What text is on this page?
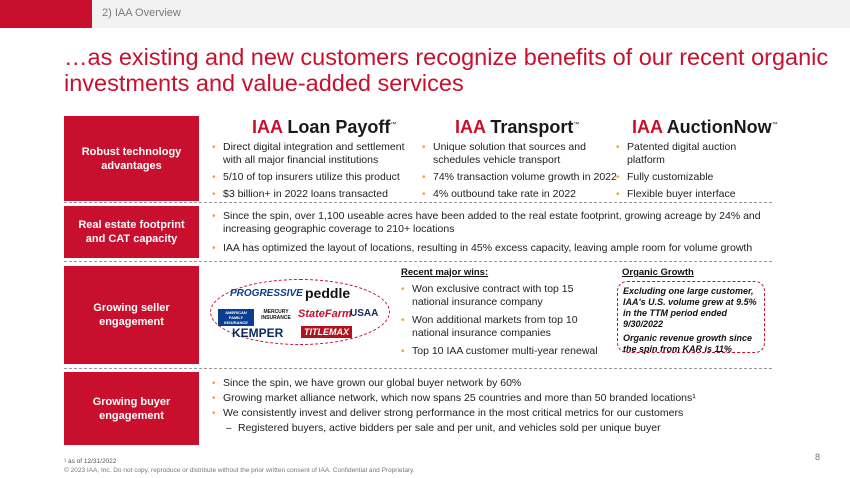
2) IAA Overview
…as existing and new customers recognize benefits of our recent organic investments and value-added services
Robust technology advantages
Real estate footprint and CAT capacity
Growing seller engagement
Growing buyer engagement
IAA Loan Payoff™	IAA Transport™	IAA AuctionNow™
• Direct digital integration and settlement with all major financial institutions
• 5/10 of top insurers utilize this product
• $3 billion+ in 2022 loans transacted
• Unique solution that sources and schedules vehicle transport
• 74% transaction volume growth in 2022
• 4% outbound take rate in 2022
• Patented digital auction platform
• Fully customizable
• Flexible buyer interface
• Since the spin, over 1,100 useable acres have been added to the real estate footprint, growing acreage by 24% and increasing geographic coverage to 210+ locations
• IAA has optimized the layout of locations, resulting in 45% excess capacity, leaving ample room for volume growth
PROGRESSIVE peddle
AMERICAN FAMILY INSURANCE
MERCURY INSURANCE StateFarm
USAA
KEMPER	TITLEMAX
Recent major wins:
• Won exclusive contract with top 15 national insurance company
• Won additional markets from top 10 national insurance companies
• Top 10 IAA customer multi-year renewal
Organic Growth

Excluding one large customer, IAA's U.S. volume grew at 9.5% in the TTM period ended 9/30/2022

Organic revenue growth since the spin from KAR is 11%

• Since the spin, we have grown our global buyer network by 60%
• Growing market alliance network, which now spans 25 countries and more than 50 branded locations¹
• We consistently invest and deliver strong performance in the most critical metrics for our customers
– Registered buyers, active bidders per sale and per unit, and vehicles sold per unique buyer
¹ as of 12/31/2022
© 2023 IAA, Inc. Do not copy, reproduce or distribute without the prior written consent of IAA. Confidential and Proprietary.
8
